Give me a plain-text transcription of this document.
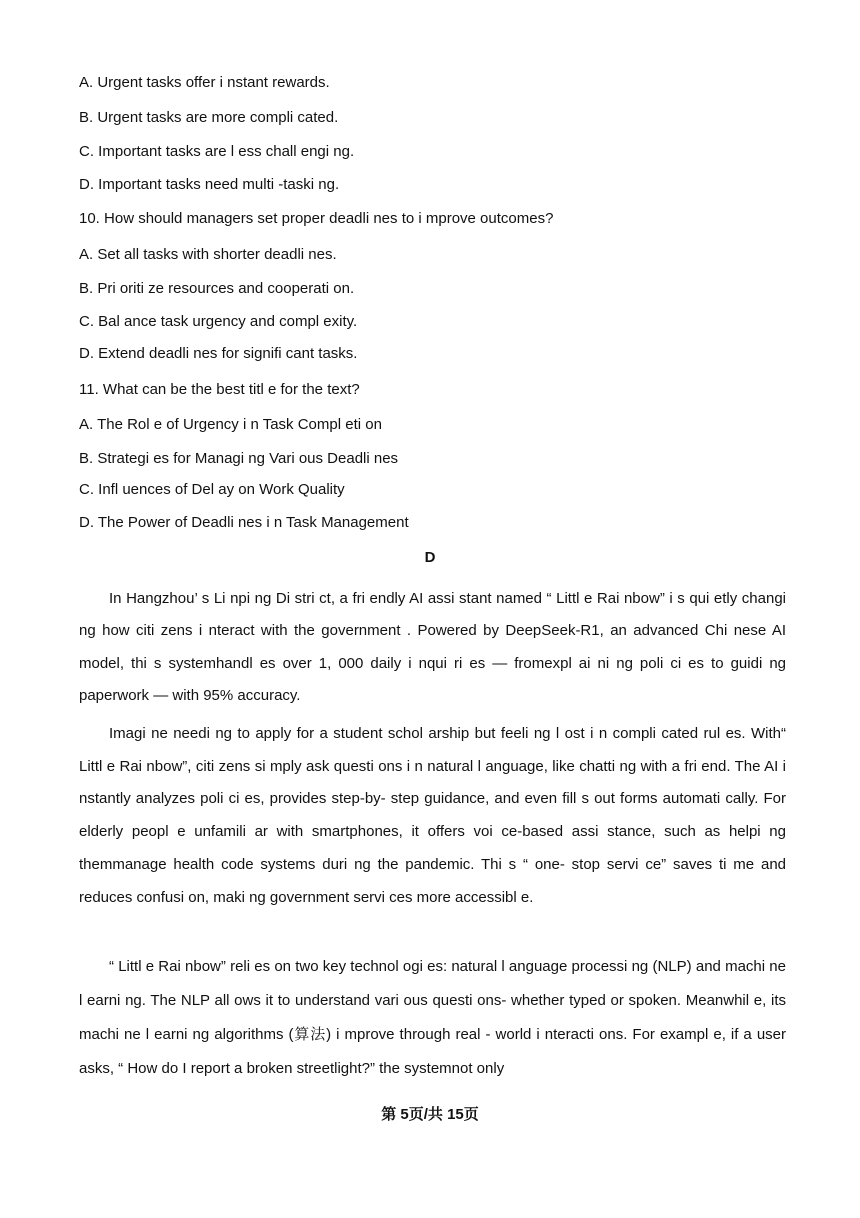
A. Urgent tasks offer i nstant rewards.
B. Urgent tasks are more compli cated.
C. Important tasks are l ess chall engi ng.
D. Important tasks need multi -taski ng.
10. How should managers set proper deadli nes to i mprove outcomes?
A. Set all tasks with shorter deadli nes.
B. Pri oriti ze resources and cooperati on.
C. Bal ance task urgency and compl exity.
D. Extend deadli nes for signifi cant tasks.
11. What can be the best titl e for the text?
A. The Rol e of Urgency i n Task Compl eti on
B. Strategi es for Managi ng Vari ous Deadli nes
C. Infl uences of Del ay on Work Quality
D. The Power of Deadli nes i n Task Management
D
In Hangzhou’ s Li npi ng Di stri ct, a fri endly AI assi stant named “ Littl e Rai nbow” i s qui etly changi ng how citi zens i nteract with the government . Powered by DeepSeek-R1, an advanced Chi nese AI model, thi s systemhandl es over 1, 000 daily i nqui ri es — fromexpl ai ni ng poli ci es to guidi ng paperwork — with 95% accuracy.
Imagi ne needi ng to apply for a student schol arship but feeli ng l ost i n compli cated rul es. With“ Littl e Rai nbow”, citi zens si mply ask questi ons i n natural l anguage, like chatti ng with a fri end. The AI i nstantly analyzes poli ci es, provides step-by- step guidance, and even fill s out forms automati cally. For elderly peopl e unfamili ar with smartphones, it offers voi ce-based assi stance, such as helpi ng themmanage health code systems duri ng the pandemic. Thi s “ one- stop servi ce” saves ti me and reduces confusi on, maki ng government servi ces more accessibl e.
“ Littl e Rai nbow” reli es on two key technol ogi es: natural l anguage processi ng (NLP) and machi ne l earni ng. The NLP all ows it to understand vari ous questi ons- whether typed or spoken. Meanwhil e, its machi ne l earni ng algorithms (算法) i mprove through real - world i nteracti ons. For exampl e, if a user asks, “ How do I report a broken streetlight?” the systemnot only
第 5页/共 15页
